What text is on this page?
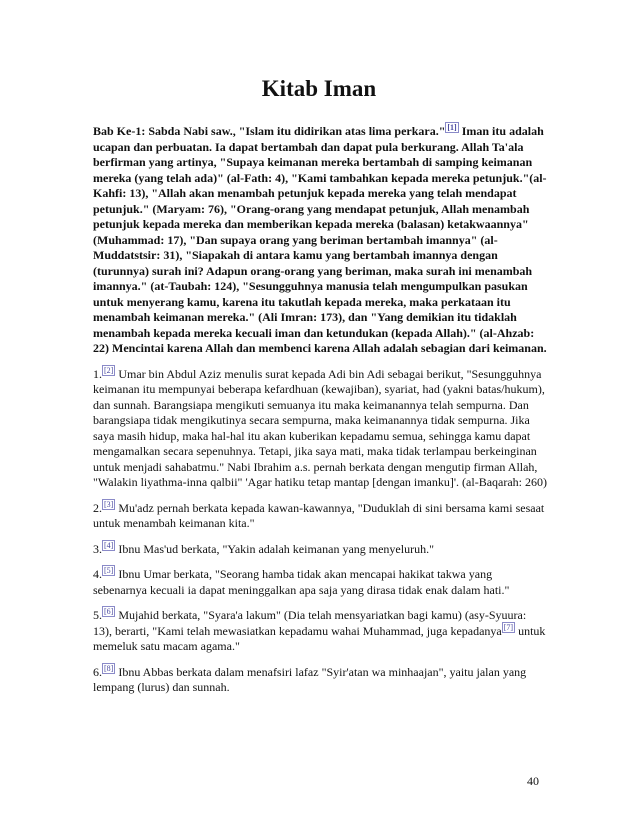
Kitab Iman

Bab Ke-1: Sabda Nabi saw., "Islam itu didirikan atas lima perkara." [1] Iman itu adalah ucapan dan perbuatan. Ia dapat bertambah dan dapat pula berkurang. Allah Ta'ala berfirman yang artinya, "Supaya keimanan mereka bertambah di samping keimanan mereka (yang telah ada)" (al-Fath: 4), "Kami tambahkan kepada mereka petunjuk."(al-Kahfi: 13), "Allah akan menambah petunjuk kepada mereka yang telah mendapat petunjuk." (Maryam: 76), "Orang-orang yang mendapat petunjuk, Allah menambah petunjuk kepada mereka dan memberikan kepada mereka (balasan) ketakwaannya" (Muhammad: 17), "Dan supaya orang yang beriman bertambah imannya" (al-Muddatstsir: 31), "Siapakah di antara kamu yang bertambah imannya dengan (turunnya) surah ini? Adapun orang-orang yang beriman, maka surah ini menambah imannya." (at-Taubah: 124), "Sesungguhnya manusia telah mengumpulkan pasukan untuk menyerang kamu, karena itu takutlah kepada mereka, maka perkataan itu menambah keimanan mereka." (Ali Imran: 173), dan "Yang demikian itu tidaklah menambah kepada mereka kecuali iman dan ketundukan (kepada Allah)." (al-Ahzab: 22) Mencintai karena Allah dan membenci karena Allah adalah sebagian dari keimanan.

1. [2] Umar bin Abdul Aziz menulis surat kepada Adi bin Adi sebagai berikut, "Sesungguhnya keimanan itu mempunyai beberapa kefardhuan (kewajiban), syariat, had (yakni batas/hukum), dan sunnah. Barangsiapa mengikuti semuanya itu maka keimanannya telah sempurna. Dan barangsiapa tidak mengikutinya secara sempurna, maka keimanannya tidak sempurna. Jika saya masih hidup, maka hal-hal itu akan kuberikan kepadamu semua, sehingga kamu dapat mengamalkan secara sepenuhnya. Tetapi, jika saya mati, maka tidak terlampau berkeinginan untuk menjadi sahabatmu." Nabi Ibrahim a.s. pernah berkata dengan mengutip firman Allah, "Walakin liyathma-inna qalbii" 'Agar hatiku tetap mantap [dengan imanku]'. (al-Baqarah: 260)

2. [3] Mu'adz pernah berkata kepada kawan-kawannya, "Duduklah di sini bersama kami sesaat untuk menambah keimanan kita."

3. [4] Ibnu Mas'ud berkata, "Yakin adalah keimanan yang menyeluruh."

4. [5] Ibnu Umar berkata, "Seorang hamba tidak akan mencapai hakikat takwa yang sebenarnya kecuali ia dapat meninggalkan apa saja yang dirasa tidak enak dalam hati."

5. [6] Mujahid berkata, "Syara'a lakum" (Dia telah mensyariatkan bagi kamu) (asy-Syuura: 13), berarti, "Kami telah mewasiatkan kepadamu wahai Muhammad, juga kepadanya [7] untuk memeluk satu macam agama."

6. [8] Ibnu Abbas berkata dalam menafsiri lafaz "Syir'atan wa minhaajan", yaitu jalan yang lempang (lurus) dan sunnah.

40
